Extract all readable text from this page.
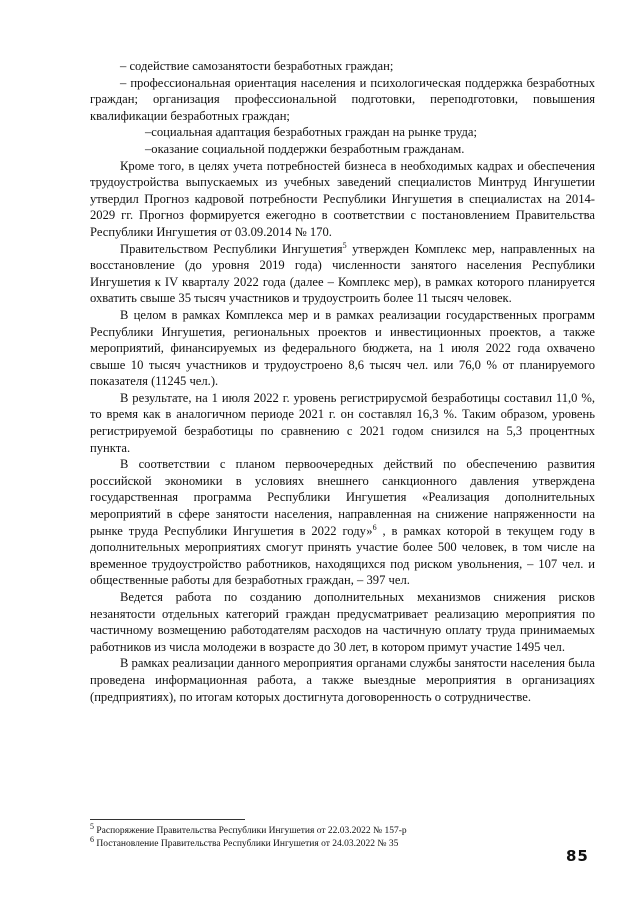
– содействие самозанятости безработных граждан;

– профессиональная ориентация населения и психологическая поддержка безработных граждан; организация профессиональной подготовки, переподготовки, повышения квалификации безработных граждан;

–социальная адаптация безработных граждан на рынке труда;

–оказание социальной поддержки безработным гражданам.

Кроме того, в целях учета потребностей бизнеса в необходимых кадрах и обеспечения трудоустройства выпускаемых из учебных заведений специалистов Минтруд Ингушетии утвердил Прогноз кадровой потребности Республики Ингушетия в специалистах на 2014-2029 гг. Прогноз формируется ежегодно в соответствии с постановлением Правительства Республики Ингушетия от 03.09.2014 № 170.

Правительством Республики Ингушетия$^5$ утвержден Комплекс мер, направленных на восстановление (до уровня 2019 года) численности занятого населения Республики Ингушетия к IV кварталу 2022 года (далее – Комплекс мер), в рамках которого планируется охватить свыше 35 тысяч участников и трудоустроить более 11 тысяч человек.

В целом в рамках Комплекса мер и в рамках реализации государственных программ Республики Ингушетия, региональных проектов и инвестиционных проектов, а также мероприятий, финансируемых из федерального бюджета, на 1 июля 2022 года охвачено свыше 10 тысяч участников и трудоустроено 8,6 тысяч чел. или 76,0 % от планируемого показателя (11245 чел.).

В результате, на 1 июля 2022 г. уровень регистрирусмой безработицы составил 11,0 %, то время как в аналогичном периоде 2021 г. он составлял 16,3 %. Таким образом, уровень регистрируемой безработицы по сравнению с 2021 годом снизился на 5,3 процентных пункта.

В соответствии с планом первоочередных действий по обеспечению развития российской экономики в условиях внешнего санкционного давления утверждена государственная программа Республики Ингушетия «Реализация дополнительных мероприятий в сфере занятости населения, направленная на снижение напряженности на рынке труда Республики Ингушетия в 2022 году»$^6$ , в рамках которой в текущем году в дополнительных мероприятиях смогут принять участие более 500 человек, в том числе на временное трудоустройство работников, находящихся под риском увольнения, – 107 чел. и общественные работы для безработных граждан, – 397 чел.

Ведется работа по созданию дополнительных механизмов снижения рисков незанятости отдельных категорий граждан предусматривает реализацию мероприятия по частичному возмещению работодателям расходов на частичную оплату труда принимаемых работников из числа молодежи в возрасте до 30 лет, в котором примут участие 1495 чел.

В рамках реализации данного мероприятия органами службы занятости населения была проведена информационная работа, а также выездные мероприятия в организациях (предприятиях), по итогам которых достигнута договоренность о сотрудничестве.

$^5$ Распоряжение Правительства Республики Ингушетия от 22.03.2022 № 157-р
$^6$ Постановление Правительства Республики Ингушетия от 24.03.2022 № 35
85
